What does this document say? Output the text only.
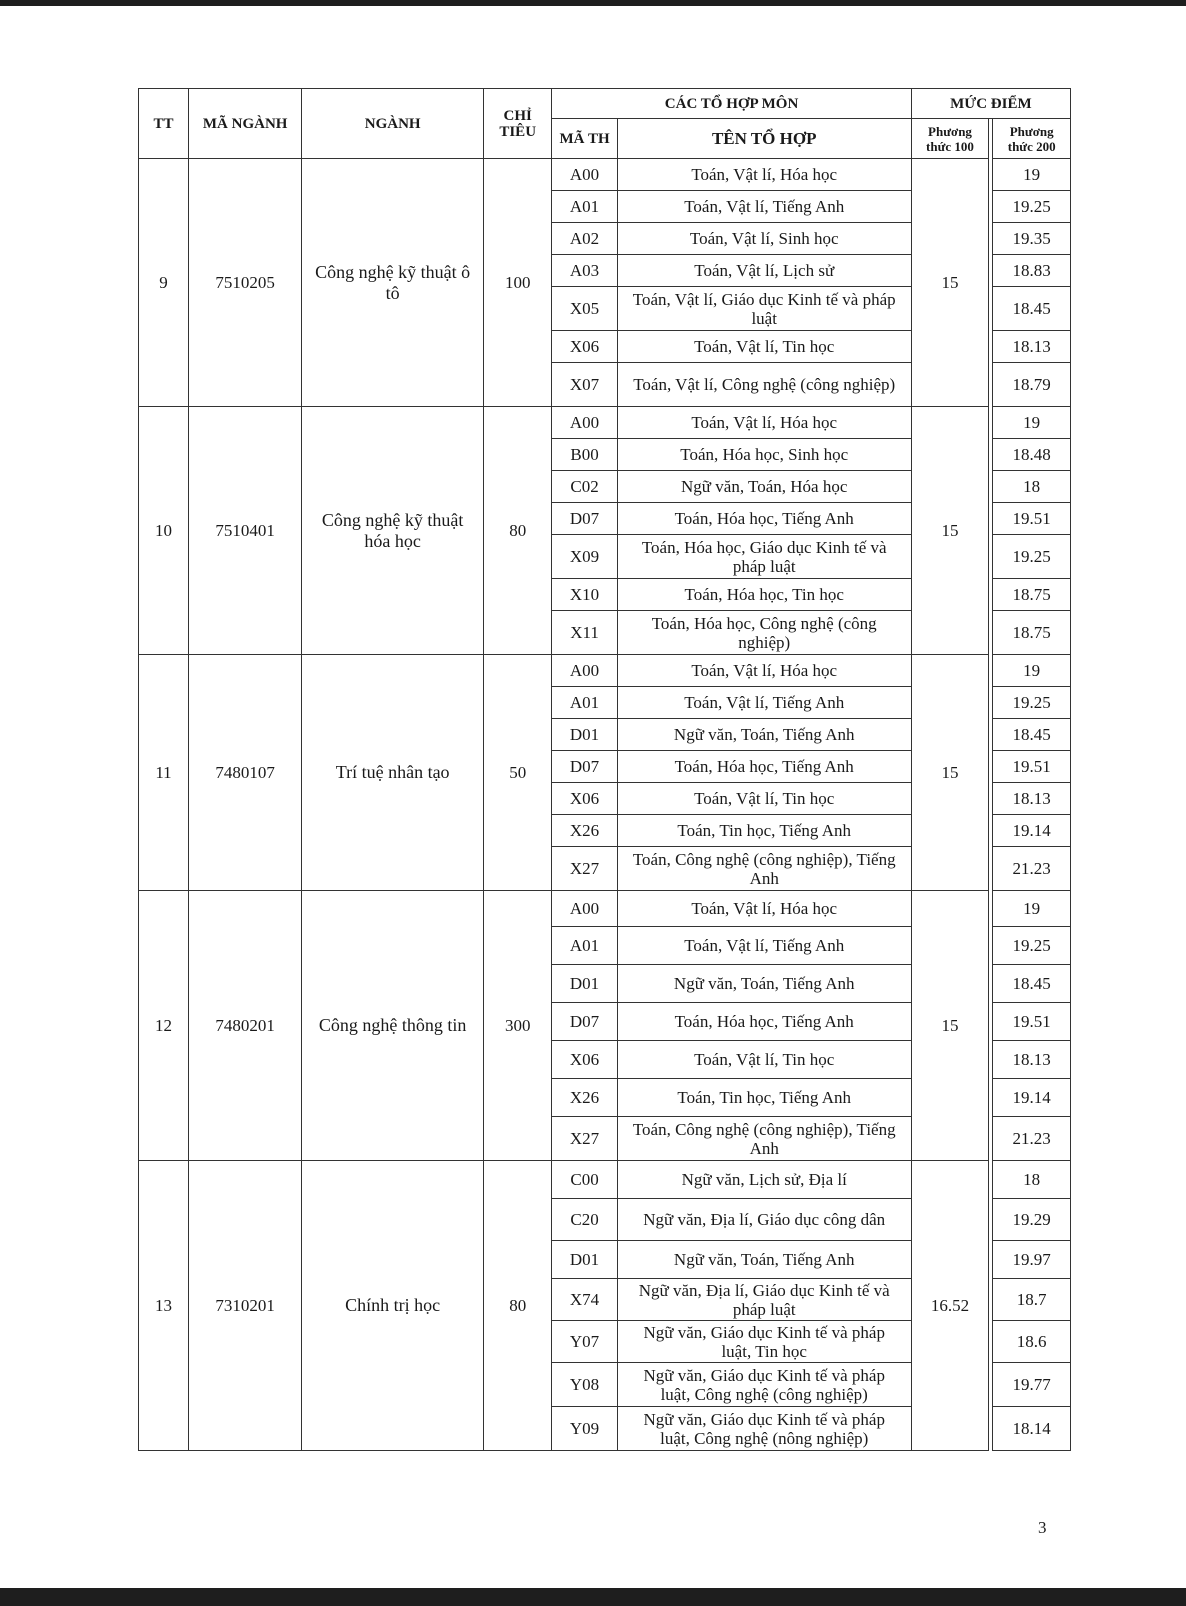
TT	MÃ NGÀNH	NGÀNH	CHỈ TIÊU	CÁC TỔ HỢP MÔN		MỨC ĐIỂM		
				MÃ TH	TÊN TỔ HỢP	Phương thức 100		Phương thức 200
9	7510205	Công nghệ kỹ thuật ô tô	100	A00	Toán, Vật lí, Hóa học	15		19
				A01	Toán, Vật lí, Tiếng Anh			19.25
				A02	Toán, Vật lí, Sinh học			19.35
				A03	Toán, Vật lí, Lịch sử			18.83
				X05	Toán, Vật lí, Giáo dục Kinh tế và pháp luật			18.45
				X06	Toán, Vật lí, Tin học			18.13
				X07	Toán, Vật lí, Công nghệ (công nghiệp)			18.79
10	7510401	Công nghệ kỹ thuật hóa học	80	A00	Toán, Vật lí, Hóa học	15		19
				B00	Toán, Hóa học, Sinh học			18.48
				C02	Ngữ văn, Toán, Hóa học			18
				D07	Toán, Hóa học, Tiếng Anh			19.51
				X09	Toán, Hóa học, Giáo dục Kinh tế và pháp luật			19.25
				X10	Toán, Hóa học, Tin học			18.75
				X11	Toán, Hóa học, Công nghệ (công nghiệp)			18.75
11	7480107	Trí tuệ nhân tạo	50	A00	Toán, Vật lí, Hóa học	15		19
				A01	Toán, Vật lí, Tiếng Anh			19.25
				D01	Ngữ văn, Toán, Tiếng Anh			18.45
				D07	Toán, Hóa học, Tiếng Anh			19.51
				X06	Toán, Vật lí, Tin học			18.13
				X26	Toán, Tin học, Tiếng Anh			19.14
				X27	Toán, Công nghệ (công nghiệp), Tiếng Anh			21.23
12	7480201	Công nghệ thông tin	300	A00	Toán, Vật lí, Hóa học	15		19
				A01	Toán, Vật lí, Tiếng Anh			19.25
				D01	Ngữ văn, Toán, Tiếng Anh			18.45
				D07	Toán, Hóa học, Tiếng Anh			19.51
				X06	Toán, Vật lí, Tin học			18.13
				X26	Toán, Tin học, Tiếng Anh			19.14
				X27	Toán, Công nghệ (công nghiệp), Tiếng Anh			21.23
13	7310201	Chính trị học	80	C00	Ngữ văn, Lịch sử, Địa lí	16.52		18
				C20	Ngữ văn, Địa lí, Giáo dục công dân			19.29
				D01	Ngữ văn, Toán, Tiếng Anh			19.97
				X74	Ngữ văn, Địa lí, Giáo dục Kinh tế và pháp luật			18.7
				Y07	Ngữ văn, Giáo dục Kinh tế và pháp luật, Tin học			18.6
				Y08	Ngữ văn, Giáo dục Kinh tế và pháp luật, Công nghệ (công nghiệp)			19.77
				Y09	Ngữ văn, Giáo dục Kinh tế và pháp luật, Công nghệ (nông nghiệp)			18.14
3
